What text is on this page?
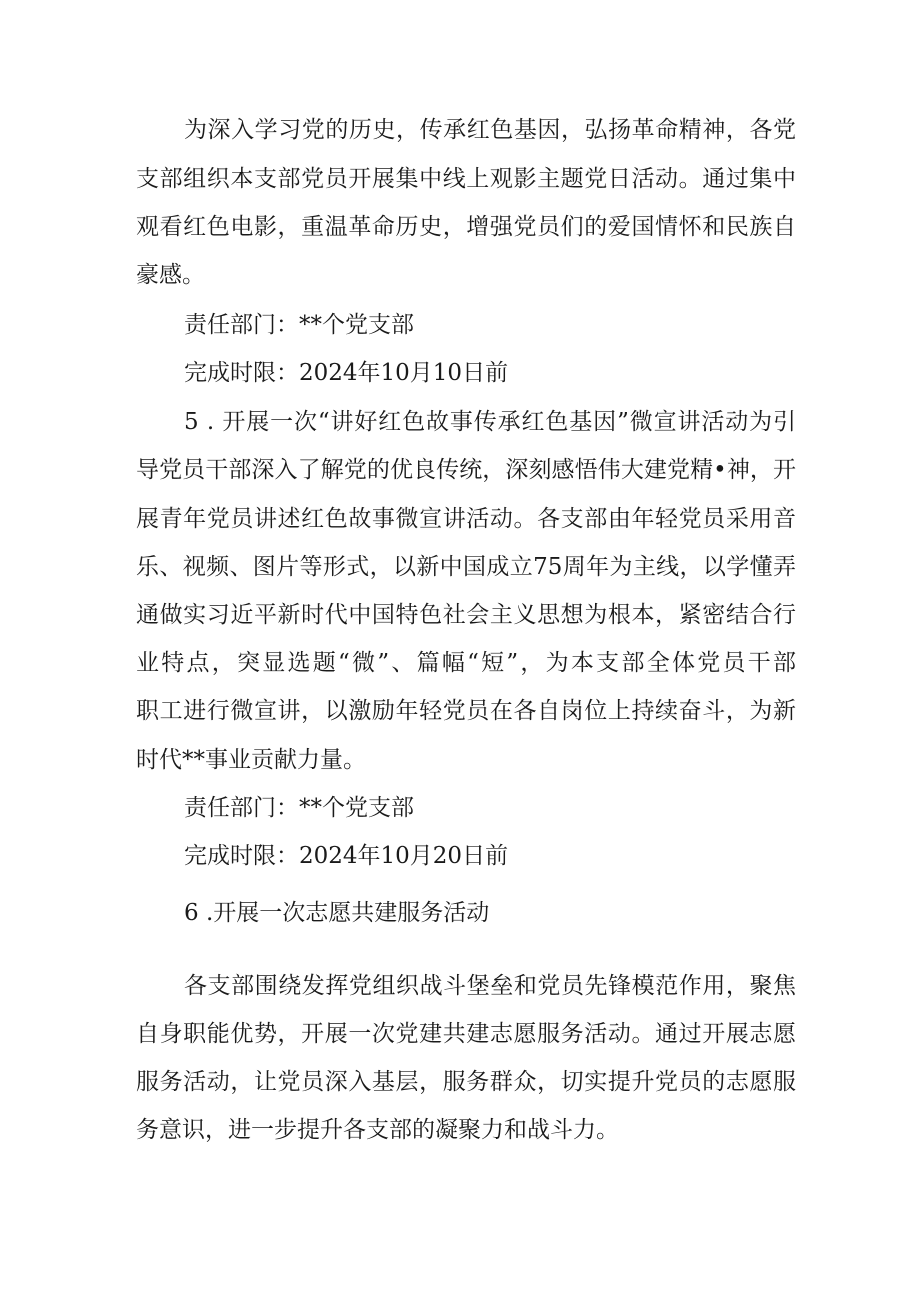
为深入学习党的历史，传承红色基因，弘扬革命精神，各党
支部组织本支部党员开展集中线上观影主题党日活动。通过集中
观看红色电影，重温革命历史，增强党员们的爱国情怀和民族自
豪感。
责任部门：**个党支部
完成时限：2024年10月10日前
5 . 开展一次“讲好红色故事传承红色基因”微宣讲活动为引
导党员干部深入了解党的优良传统，深刻感悟伟大建党精•神，开
展青年党员讲述红色故事微宣讲活动。各支部由年轻党员采用音
乐、视频、图片等形式，以新中国成立75周年为主线，以学懂弄
通做实习近平新时代中国特色社会主义思想为根本，紧密结合行
业特点，突显选题“微”、篇幅“短”，为本支部全体党员干部
职工进行微宣讲，以激励年轻党员在各自岗位上持续奋斗，为新
时代**事业贡献力量。
责任部门：**个党支部
完成时限：2024年10月20日前
6 .开展一次志愿共建服务活动
各支部围绕发挥党组织战斗堡垒和党员先锋模范作用，聚焦
自身职能优势，开展一次党建共建志愿服务活动。通过开展志愿
服务活动，让党员深入基层，服务群众，切实提升党员的志愿服
务意识，进一步提升各支部的凝聚力和战斗力。
